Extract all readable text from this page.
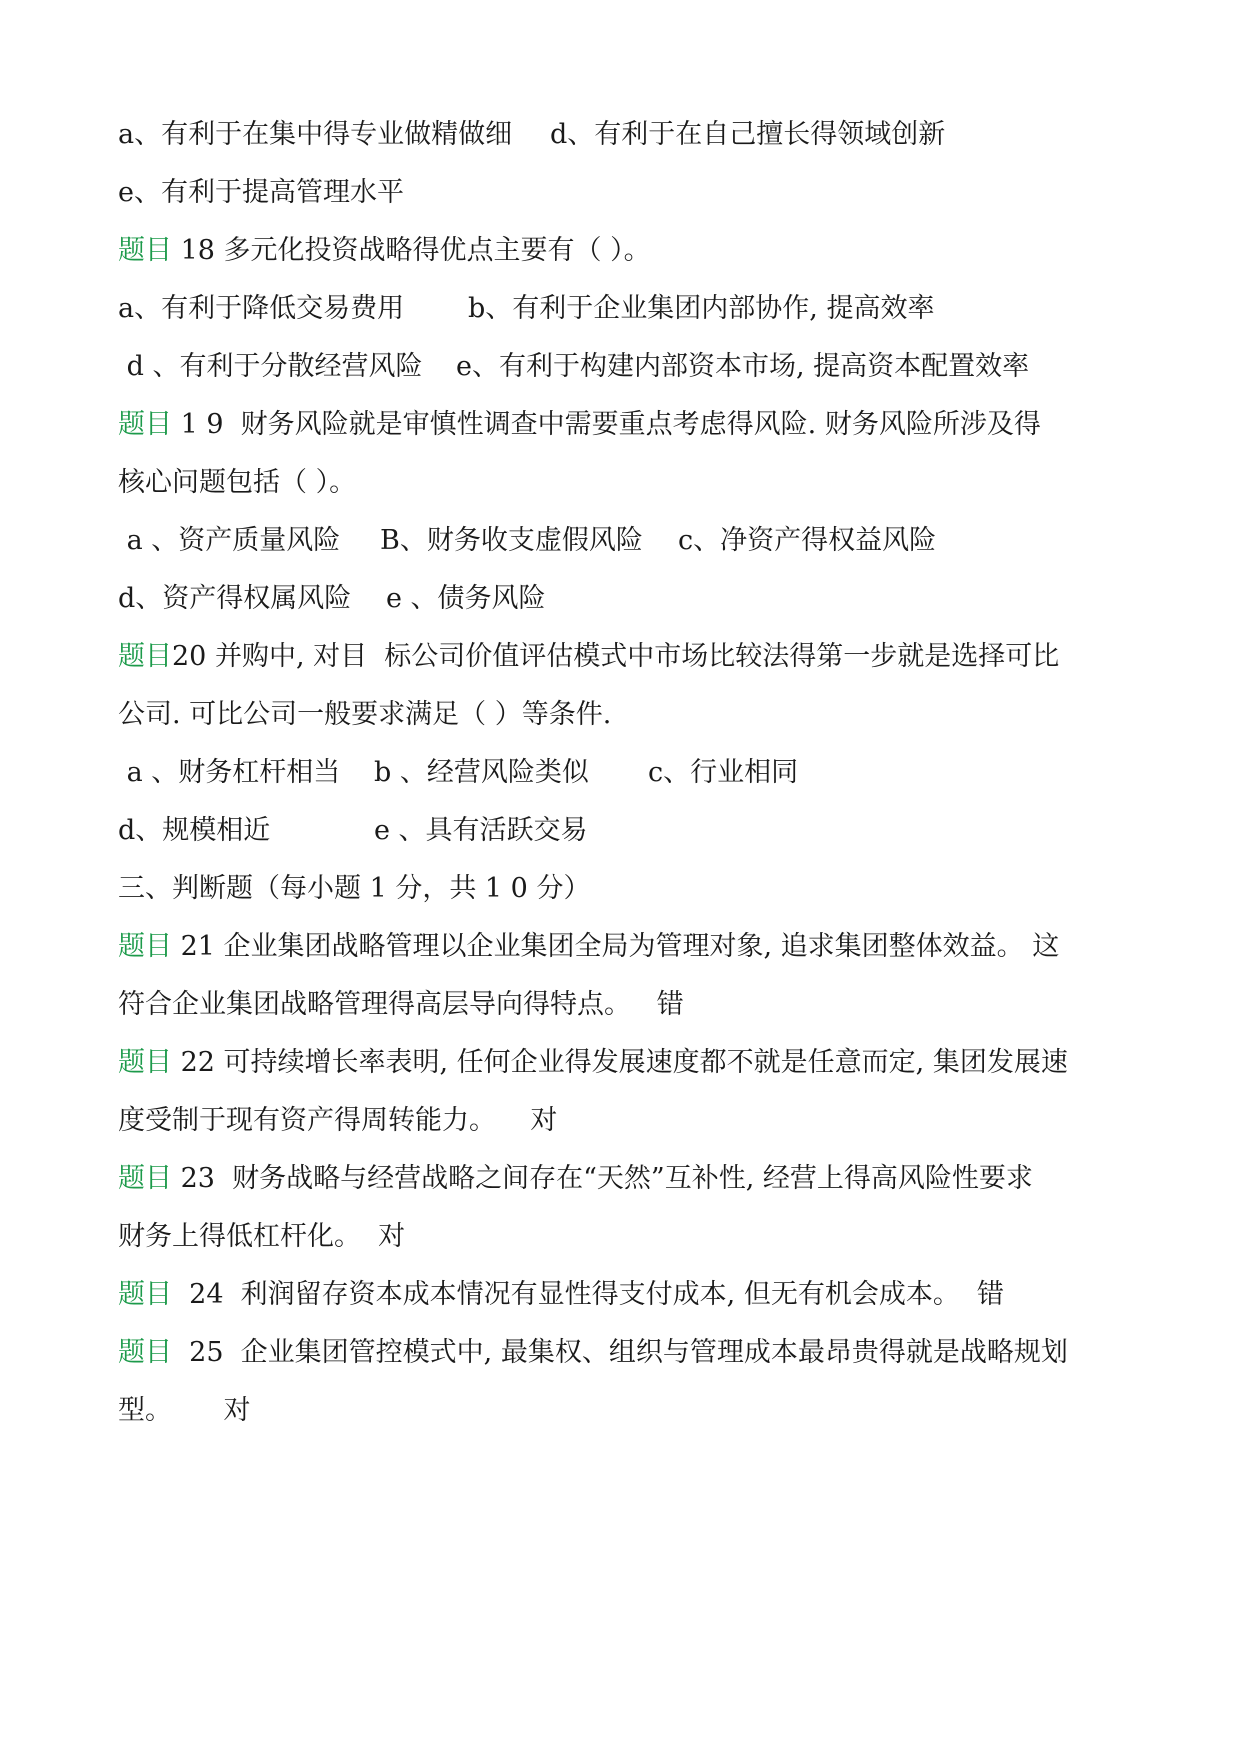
a、有利于在集中得专业做精做细

d、有利于在自己擅长得领域创新

e、有利于提高管理水平
题目 18 多元化投资战略得优点主要有（ ）。

a、有利于降低交易费用

b、有利于企业集团内部协作, 提高效率

d 、有利于分散经营风险

e、有利于构建内部资本市场, 提高资本配置效率

题目 1 9  财务风险就是审慎性调查中需要重点考虑得风险. 财务风险所涉及得
核心问题包括（ ）。

a 、资产质量风险

B、财务收支虚假风险

c、净资产得权益风险

d、资产得权属风险

e 、债务风险

题目20 并购中, 对目  标公司价值评估模式中市场比较法得第一步就是选择可比
公司. 可比公司一般要求满足（ ）等条件.

a 、财务杠杆相当

b 、经营风险类似

c、行业相同

d、规模相近

	e 、具有活跃交易

三、判断题（每小题 1 分，共 1 0 分）
题目 21 企业集团战略管理以企业集团全局为管理对象, 追求集团整体效益。 这
符合企业集团战略管理得高层导向得特点。   错
题目 22 可持续增长率表明, 任何企业得发展速度都不就是任意而定, 集团发展速
度受制于现有资产得周转能力。    对
题目 23  财务战略与经营战略之间存在“天然”互补性, 经营上得高风险性要求
财务上得低杠杆化。  对
题目  24  利润留存资本成本情况有显性得支付成本, 但无有机会成本。  错
题目  25  企业集团管控模式中, 最集权、组织与管理成本最昂贵得就是战略规划
型。      对
